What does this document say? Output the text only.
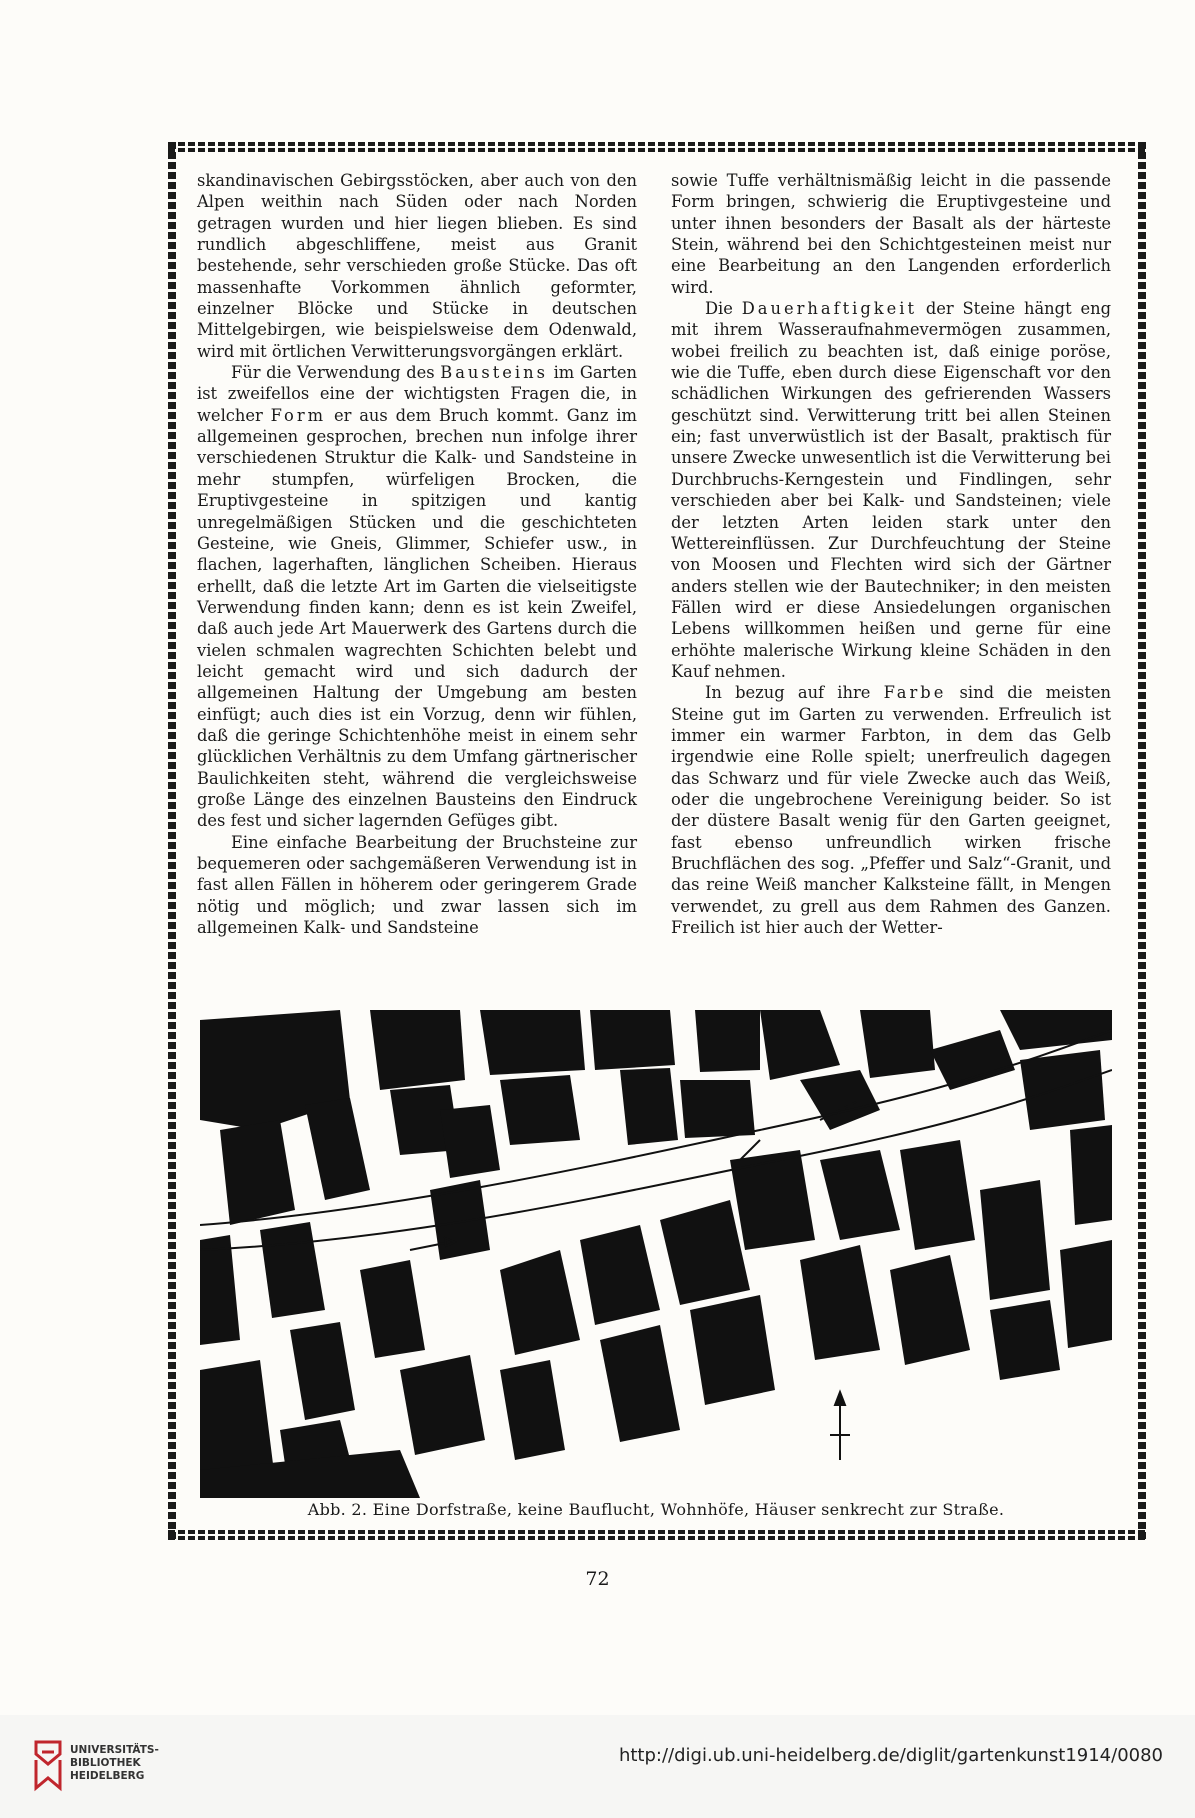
skandinavischen Gebirgsstöcken, aber auch von den Alpen weithin nach Süden oder nach Norden getragen wurden und hier liegen blieben. Es sind rundlich abgeschliffene, meist aus Granit bestehende, sehr verschieden große Stücke. Das oft massenhafte Vorkommen ähnlich geformter, einzelner Blöcke und Stücke in deutschen Mittelgebirgen, wie beispielsweise dem Odenwald, wird mit örtlichen Verwitterungsvorgängen erklärt.

Für die Verwendung des Bausteins im Garten ist zweifellos eine der wichtigsten Fragen die, in welcher Form er aus dem Bruch kommt. Ganz im allgemeinen gesprochen, brechen nun infolge ihrer verschiedenen Struktur die Kalk- und Sandsteine in mehr stumpfen, würfeligen Brocken, die Eruptivgesteine in spitzigen und kantig unregelmäßigen Stücken und die geschichteten Gesteine, wie Gneis, Glimmer, Schiefer usw., in flachen, lagerhaften, länglichen Scheiben. Hieraus erhellt, daß die letzte Art im Garten die vielseitigste Verwendung finden kann; denn es ist kein Zweifel, daß auch jede Art Mauerwerk des Gartens durch die vielen schmalen wagrechten Schichten belebt und leicht gemacht wird und sich dadurch der allgemeinen Haltung der Umgebung am besten einfügt; auch dies ist ein Vorzug, denn wir fühlen, daß die geringe Schichtenhöhe meist in einem sehr glücklichen Verhältnis zu dem Umfang gärtnerischer Baulichkeiten steht, während die vergleichsweise große Länge des einzelnen Bausteins den Eindruck des fest und sicher lagernden Gefüges gibt.

Eine einfache Bearbeitung der Bruchsteine zur bequemeren oder sachgemäßeren Verwendung ist in fast allen Fällen in höherem oder geringerem Grade nötig und möglich; und zwar lassen sich im allgemeinen Kalk- und Sandsteine

sowie Tuffe verhältnismäßig leicht in die passende Form bringen, schwierig die Eruptivgesteine und unter ihnen besonders der Basalt als der härteste Stein, während bei den Schichtgesteinen meist nur eine Bearbeitung an den Langenden erforderlich wird.

Die Dauerhaftigkeit der Steine hängt eng mit ihrem Wasseraufnahmevermögen zusammen, wobei freilich zu beachten ist, daß einige poröse, wie die Tuffe, eben durch diese Eigenschaft vor den schädlichen Wirkungen des gefrierenden Wassers geschützt sind. Verwitterung tritt bei allen Steinen ein; fast unverwüstlich ist der Basalt, praktisch für unsere Zwecke unwesentlich ist die Verwitterung bei Durchbruchs-Kerngestein und Findlingen, sehr verschieden aber bei Kalk- und Sandsteinen; viele der letzten Arten leiden stark unter den Wettereinflüssen. Zur Durchfeuchtung der Steine von Moosen und Flechten wird sich der Gärtner anders stellen wie der Bautechniker; in den meisten Fällen wird er diese Ansiedelungen organischen Lebens willkommen heißen und gerne für eine erhöhte malerische Wirkung kleine Schäden in den Kauf nehmen.

In bezug auf ihre Farbe sind die meisten Steine gut im Garten zu verwenden. Erfreulich ist immer ein warmer Farbton, in dem das Gelb irgendwie eine Rolle spielt; unerfreulich dagegen das Schwarz und für viele Zwecke auch das Weiß, oder die ungebrochene Vereinigung beider. So ist der düstere Basalt wenig für den Garten geeignet, fast ebenso unfreundlich wirken frische Bruchflächen des sog. „Pfeffer und Salz“-Granit, und das reine Weiß mancher Kalksteine fällt, in Mengen verwendet, zu grell aus dem Rahmen des Ganzen. Freilich ist hier auch der Wetter-

Abb. 2. Eine Dorfstraße, keine Bauflucht, Wohnhöfe, Häuser senkrecht zur Straße.
72
UNIVERSITÄTS-
BIBLIOTHEK
HEIDELBERG
http://digi.ub.uni-heidelberg.de/diglit/gartenkunst1914/0080
